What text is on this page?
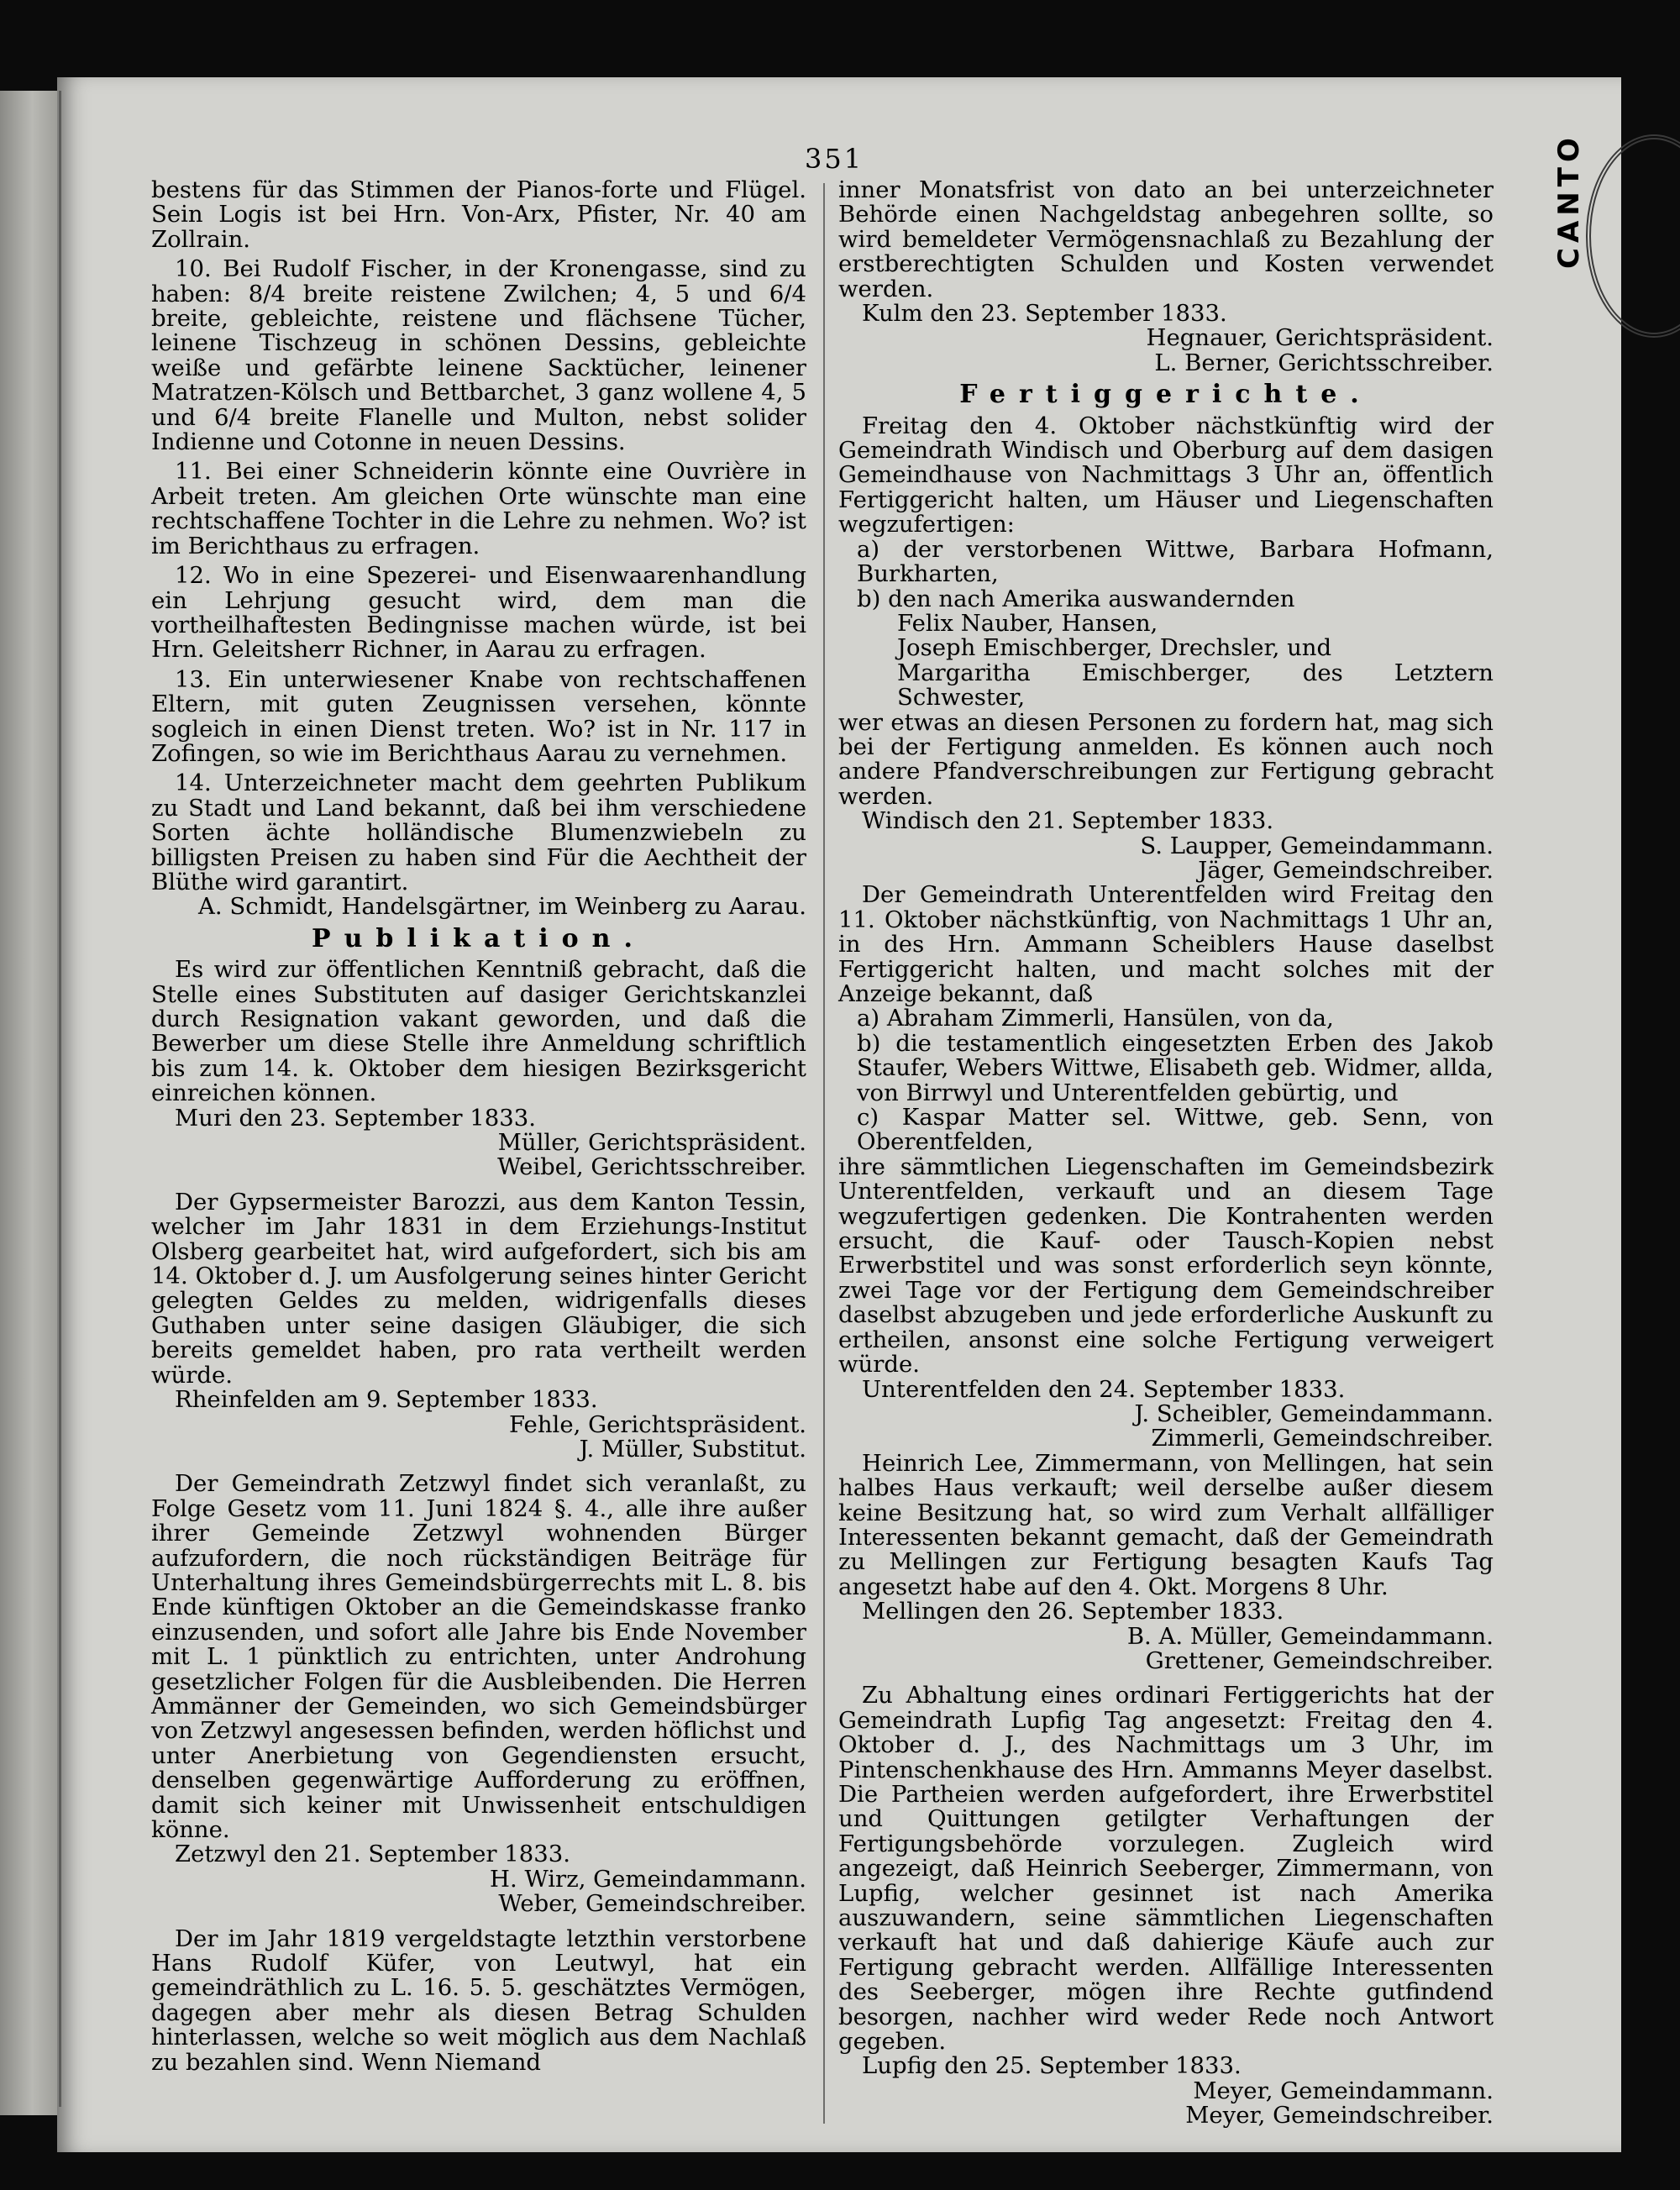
351

bestens für das Stimmen der Pianos-forte und Flügel. Sein Logis ist bei Hrn. Von-Arx, Pfister, Nr. 40 am Zollrain.

10. Bei Rudolf Fischer, in der Kronengasse, sind zu haben: 8/4 breite reistene Zwilchen; 4, 5 und 6/4 breite, gebleichte, reistene und flächsene Tücher, leinene Tischzeug in schönen Dessins, gebleichte weiße und gefärbte leinene Sacktücher, leinener Matratzen-Kölsch und Bettbarchet, 3 ganz wollene 4, 5 und 6/4 breite Flanelle und Multon, nebst solider Indienne und Cotonne in neuen Dessins.

11. Bei einer Schneiderin könnte eine Ouvrière in Arbeit treten. Am gleichen Orte wünschte man eine rechtschaffene Tochter in die Lehre zu nehmen. Wo? ist im Berichthaus zu erfragen.

12. Wo in eine Spezerei- und Eisenwaarenhandlung ein Lehrjung gesucht wird, dem man die vortheilhaftesten Bedingnisse machen würde, ist bei Hrn. Geleitsherr Richner, in Aarau zu erfragen.

13. Ein unterwiesener Knabe von rechtschaffenen Eltern, mit guten Zeugnissen versehen, könnte sogleich in einen Dienst treten. Wo? ist in Nr. 117 in Zofingen, so wie im Berichthaus Aarau zu vernehmen.

14. Unterzeichneter macht dem geehrten Publikum zu Stadt und Land bekannt, daß bei ihm verschiedene Sorten ächte holländische Blumenzwiebeln zu billigsten Preisen zu haben sind Für die Aechtheit der Blüthe wird garantirt.

A. Schmidt, Handelsgärtner, im Weinberg zu Aarau.

Publikation.

Es wird zur öffentlichen Kenntniß gebracht, daß die Stelle eines Substituten auf dasiger Gerichtskanzlei durch Resignation vakant geworden, und daß die Bewerber um diese Stelle ihre Anmeldung schriftlich bis zum 14. k. Oktober dem hiesigen Bezirksgericht einreichen können.

Muri den 23. September 1833.

Müller, Gerichtspräsident.

Weibel, Gerichtsschreiber.

Der Gypsermeister Barozzi, aus dem Kanton Tessin, welcher im Jahr 1831 in dem Erziehungs-Institut Olsberg gearbeitet hat, wird aufgefordert, sich bis am 14. Oktober d. J. um Ausfolgerung seines hinter Gericht gelegten Geldes zu melden, widrigenfalls dieses Guthaben unter seine dasigen Gläubiger, die sich bereits gemeldet haben, pro rata vertheilt werden würde.

Rheinfelden am 9. September 1833.

Fehle, Gerichtspräsident.

J. Müller, Substitut.

Der Gemeindrath Zetzwyl findet sich veranlaßt, zu Folge Gesetz vom 11. Juni 1824 §. 4., alle ihre außer ihrer Gemeinde Zetzwyl wohnenden Bürger aufzufordern, die noch rückständigen Beiträge für Unterhaltung ihres Gemeindsbürgerrechts mit L. 8. bis Ende künftigen Oktober an die Gemeindskasse franko einzusenden, und sofort alle Jahre bis Ende November mit L. 1 pünktlich zu entrichten, unter Androhung gesetzlicher Folgen für die Ausbleibenden. Die Herren Ammänner der Gemeinden, wo sich Gemeindsbürger von Zetzwyl angesessen befinden, werden höflichst und unter Anerbietung von Gegendiensten ersucht, denselben gegenwärtige Aufforderung zu eröffnen, damit sich keiner mit Unwissenheit entschuldigen könne.

Zetzwyl den 21. September 1833.

H. Wirz, Gemeindammann.

Weber, Gemeindschreiber.

Der im Jahr 1819 vergeldstagte letzthin verstorbene Hans Rudolf Küfer, von Leutwyl, hat ein gemeindräthlich zu L. 16. 5. 5. geschätztes Vermögen, dagegen aber mehr als diesen Betrag Schulden hinterlassen, welche so weit möglich aus dem Nachlaß zu bezahlen sind. Wenn Niemand

inner Monatsfrist von dato an bei unterzeichneter Behörde einen Nachgeldstag anbegehren sollte, so wird bemeldeter Vermögensnachlaß zu Bezahlung der erstberechtigten Schulden und Kosten verwendet werden.

Kulm den 23. September 1833.

Hegnauer, Gerichtspräsident.

L. Berner, Gerichtsschreiber.

Fertiggerichte.

Freitag den 4. Oktober nächstkünftig wird der Gemeindrath Windisch und Oberburg auf dem dasigen Gemeindhause von Nachmittags 3 Uhr an, öffentlich Fertiggericht halten, um Häuser und Liegenschaften wegzufertigen:

a) der verstorbenen Wittwe, Barbara Hofmann, Burkharten,

b) den nach Amerika auswandernden

Felix Nauber, Hansen,

Joseph Emischberger, Drechsler, und

Margaritha Emischberger, des Letztern Schwester,

wer etwas an diesen Personen zu fordern hat, mag sich bei der Fertigung anmelden. Es können auch noch andere Pfandverschreibungen zur Fertigung gebracht werden.

Windisch den 21. September 1833.

S. Laupper, Gemeindammann.

Jäger, Gemeindschreiber.

Der Gemeindrath Unterentfelden wird Freitag den 11. Oktober nächstkünftig, von Nachmittags 1 Uhr an, in des Hrn. Ammann Scheiblers Hause daselbst Fertiggericht halten, und macht solches mit der Anzeige bekannt, daß

a) Abraham Zimmerli, Hansülen, von da,

b) die testamentlich eingesetzten Erben des Jakob Staufer, Webers Wittwe, Elisabeth geb. Widmer, allda, von Birrwyl und Unterentfelden gebürtig, und

c) Kaspar Matter sel. Wittwe, geb. Senn, von Oberentfelden,

ihre sämmtlichen Liegenschaften im Gemeindsbezirk Unterentfelden, verkauft und an diesem Tage wegzufertigen gedenken. Die Kontrahenten werden ersucht, die Kauf- oder Tausch-Kopien nebst Erwerbstitel und was sonst erforderlich seyn könnte, zwei Tage vor der Fertigung dem Gemeindschreiber daselbst abzugeben und jede erforderliche Auskunft zu ertheilen, ansonst eine solche Fertigung verweigert würde.

Unterentfelden den 24. September 1833.

J. Scheibler, Gemeindammann.

Zimmerli, Gemeindschreiber.

Heinrich Lee, Zimmermann, von Mellingen, hat sein halbes Haus verkauft; weil derselbe außer diesem keine Besitzung hat, so wird zum Verhalt allfälliger Interessenten bekannt gemacht, daß der Gemeindrath zu Mellingen zur Fertigung besagten Kaufs Tag angesetzt habe auf den 4. Okt. Morgens 8 Uhr.

Mellingen den 26. September 1833.

B. A. Müller, Gemeindammann.

Grettener, Gemeindschreiber.

Zu Abhaltung eines ordinari Fertiggerichts hat der Gemeindrath Lupfig Tag angesetzt: Freitag den 4. Oktober d. J., des Nachmittags um 3 Uhr, im Pintenschenkhause des Hrn. Ammanns Meyer daselbst. Die Partheien werden aufgefordert, ihre Erwerbstitel und Quittungen getilgter Verhaftungen der Fertigungsbehörde vorzulegen. Zugleich wird angezeigt, daß Heinrich Seeberger, Zimmermann, von Lupfig, welcher gesinnet ist nach Amerika auszuwandern, seine sämmtlichen Liegenschaften verkauft hat und daß dahierige Käufe auch zur Fertigung gebracht werden. Allfällige Interessenten des Seeberger, mögen ihre Rechte gutfindend besorgen, nachher wird weder Rede noch Antwort gegeben.

Lupfig den 25. September 1833.

Meyer, Gemeindammann.

Meyer, Gemeindschreiber.
